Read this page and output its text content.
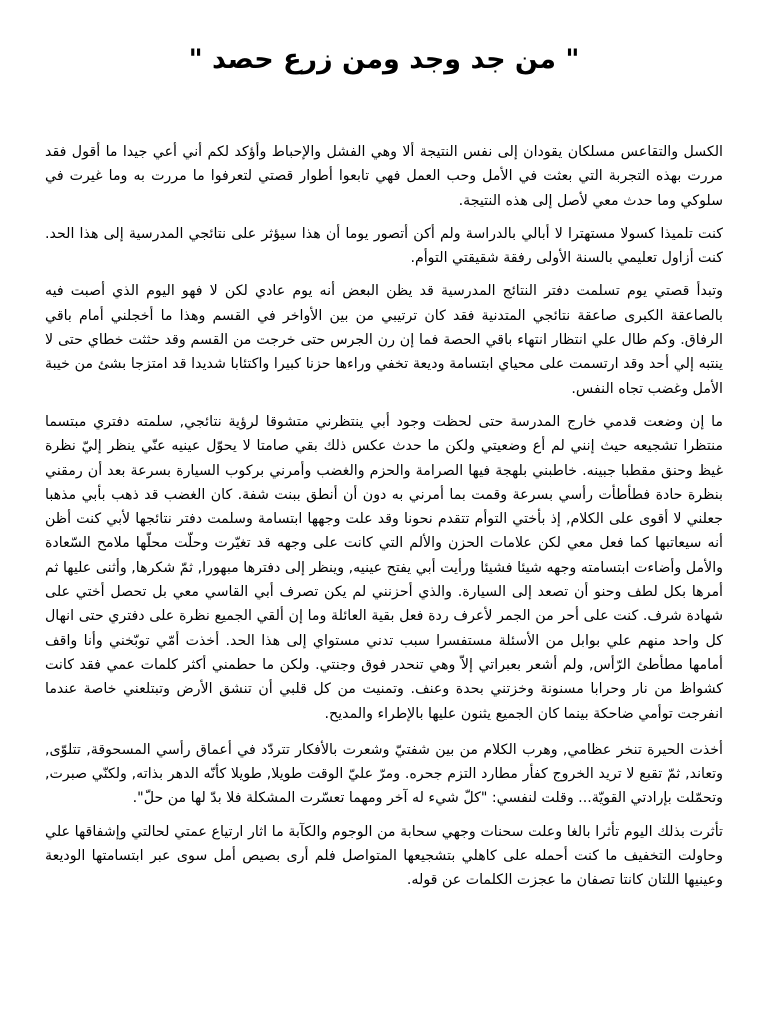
" من جد وجد ومن زرع حصد "

الكسل والتقاعس مسلكان يقودان إلى نفس النتيجة ألا وهي الفشل والإحباط وأؤكد لكم أني أعي جيدا ما أقول فقد مررت بهذه التجربة التي بعثت في الأمل وحب العمل فهي تابعوا أطوار قصتي لتعرفوا ما مررت به وما غيرت في سلوكي وما حدث معي لأصل إلى هذه النتيجة.

كنت تلميذا كسولا مستهترا لا أبالي بالدراسة ولم أكن أتصور يوما أن هذا سيؤثر على نتائجي المدرسية إلى هذا الحد. كنت أزاول تعليمي بالسنة الأولى رفقة شقيقتي التوأم.

وتبدأ قصتي يوم تسلمت دفتر النتائج المدرسية قد يظن البعض أنه يوم عادي لكن لا فهو اليوم الذي أصبت فيه بالصاعقة الكبرى صاعقة نتائجي المتدنية فقد كان ترتيبي من بين الأواخر في القسم وهذا ما أخجلني أمام باقي الرفاق. وكم طال علي انتظار انتهاء باقي الحصة فما إن رن الجرس حتى خرجت من القسم وقد حثثت خطاي حتى لا ينتبه إلي أحد وقد ارتسمت على محياي ابتسامة وديعة تخفي وراءها حزنا كبيرا واكتئابا شديدا قد امتزجا بشئ من خيبة الأمل وغضب تجاه النفس.

ما إن وضعت قدمي خارج المدرسة حتى لحظت وجود أبي ينتظرني متشوقا لرؤية نتائجي, سلمته دفتري مبتسما منتظرا تشجيعه حيث إنني لم أع وضعيتي ولكن ما حدث عكس ذلك بقي صامتا لا يحوّل عينيه عنّي ينظر إليّ نظرة غيظ وحنق مقطبا جبينه. خاطبني بلهجة فيها الصرامة والحزم والغضب وأمرني بركوب السيارة بسرعة بعد أن رمقني بنظرة حادة فطأطأت رأسي بسرعة وقمت بما أمرني به دون أن أنطق ببنت شفة. كان الغضب قد ذهب بأبي مذهبا جعلني لا أقوى على الكلام, إذ بأختي التوأم تتقدم نحونا وقد علت وجهها ابتسامة وسلمت دفتر نتائجها لأبي كنت أظن أنه سيعاتبها كما فعل معي لكن علامات الحزن والألم التي كانت على وجهه قد تغيّرت وحلّت محلّها ملامح السّعادة والأمل وأضاءت ابتسامته وجهه شيئا فشيئا ورأيت أبي يفتح عينيه, وينظر إلى دفترها مبهورا, ثمّ شكرها, وأثنى عليها ثم أمرها بكل لطف وحنو أن تصعد إلى السيارة. والذي أحزنني لم يكن تصرف أبي القاسي معي بل تحصل أختي على شهادة شرف. كنت على أحر من الجمر لأعرف ردة فعل بقية العائلة وما إن ألقي الجميع نظرة على دفتري حتى انهال كل واحد منهم علي بوابل من الأسئلة مستفسرا سبب تدني مستواي إلى هذا الحد. أخذت أمّي توبّخني وأنا واقف أمامها مطأطئ الرّأس, ولم أشعر بعبراتي إلاّ وهي تنحدر فوق وجنتي. ولكن ما حطمني أكثر كلمات عمي فقد كانت كشواظ من نار وحرابا مسنونة وخزتني بحدة وعنف. وتمنيت من كل قلبي أن تنشق الأرض وتبتلعني خاصة عندما انفرجت توأمي ضاحكة بينما كان الجميع يثنون عليها بالإطراء والمديح.

أخذت الحيرة تنخر عظامي, وهرب الكلام من بين شفتيّ وشعرت بالأفكار تتردّد في أعماق رأسي المسحوقة, تتلوّى, وتعاند, ثمّ تقبع لا تريد الخروج كفأر مطارد التزم جحره. ومرّ عليّ الوقت طويلا, طويلا كأنّه الدهر بذاته, ولكنّي صبرت, وتحمّلت بإرادتي القويّة... وقلت لنفسي: "كلّ شيء له آخر ومهما تعسّرت المشكلة فلا بدّ لها من حلّ".

تأثرت بذلك اليوم تأثرا بالغا وعلت سحنات وجهي سحابة من الوجوم والكآبة ما اثار ارتياع عمتي لحالتي وإشفاقها علي وحاولت التخفيف ما كنت أحمله على كاهلي بتشجيعها المتواصل فلم أرى بصيص أمل سوى عبر ابتسامتها الوديعة وعينيها اللتان كانتا تصفان ما عجزت الكلمات عن قوله.
